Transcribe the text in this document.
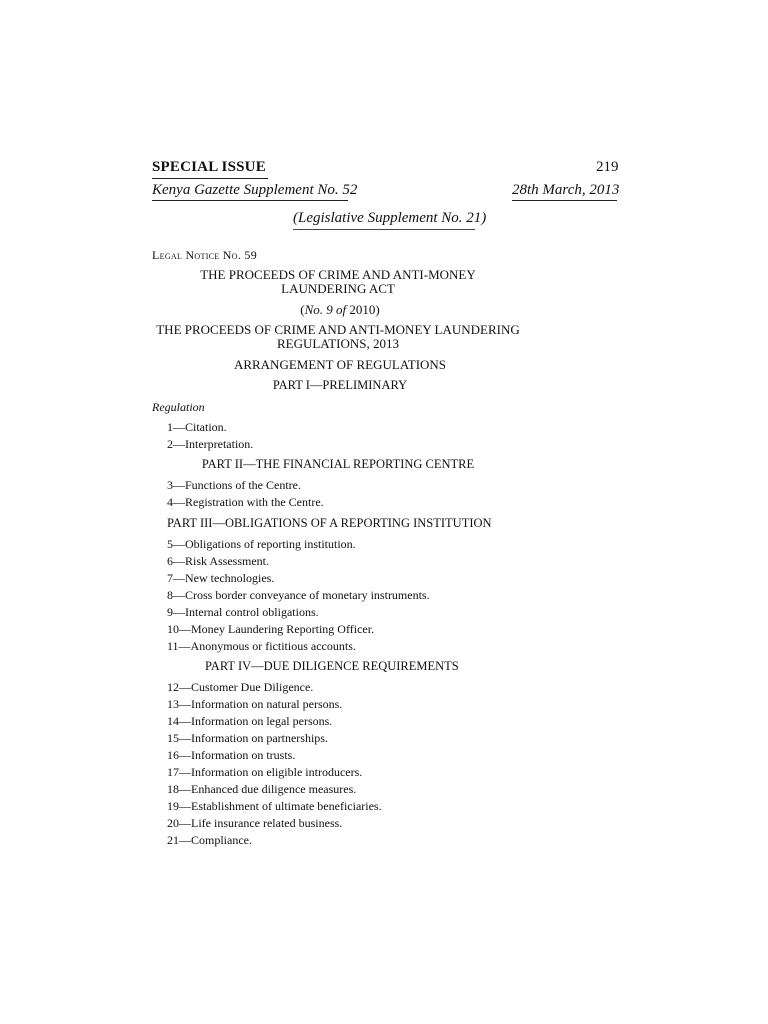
SPECIAL ISSUE	219
Kenya Gazette Supplement No. 52	28th March, 2013
(Legislative Supplement No. 21)
Legal Notice No. 59
THE PROCEEDS OF CRIME AND ANTI-MONEY LAUNDERING ACT
(No. 9 of 2010)
THE PROCEEDS OF CRIME AND ANTI-MONEY LAUNDERING REGULATIONS, 2013
ARRANGEMENT OF REGULATIONS
PART I—PRELIMINARY
Regulation
1—Citation.
2—Interpretation.
PART II—THE FINANCIAL REPORTING CENTRE
3—Functions of the Centre.
4—Registration with the Centre.
PART III—OBLIGATIONS OF A REPORTING INSTITUTION
5—Obligations of reporting institution.
6—Risk Assessment.
7—New technologies.
8—Cross border conveyance of monetary instruments.
9—Internal control obligations.
10—Money Laundering Reporting Officer.
11—Anonymous or fictitious accounts.
PART IV—DUE DILIGENCE REQUIREMENTS
12—Customer Due Diligence.
13—Information on natural persons.
14—Information on legal persons.
15—Information on partnerships.
16—Information on trusts.
17—Information on eligible introducers.
18—Enhanced due diligence measures.
19—Establishment of ultimate beneficiaries.
20—Life insurance related business.
21—Compliance.
